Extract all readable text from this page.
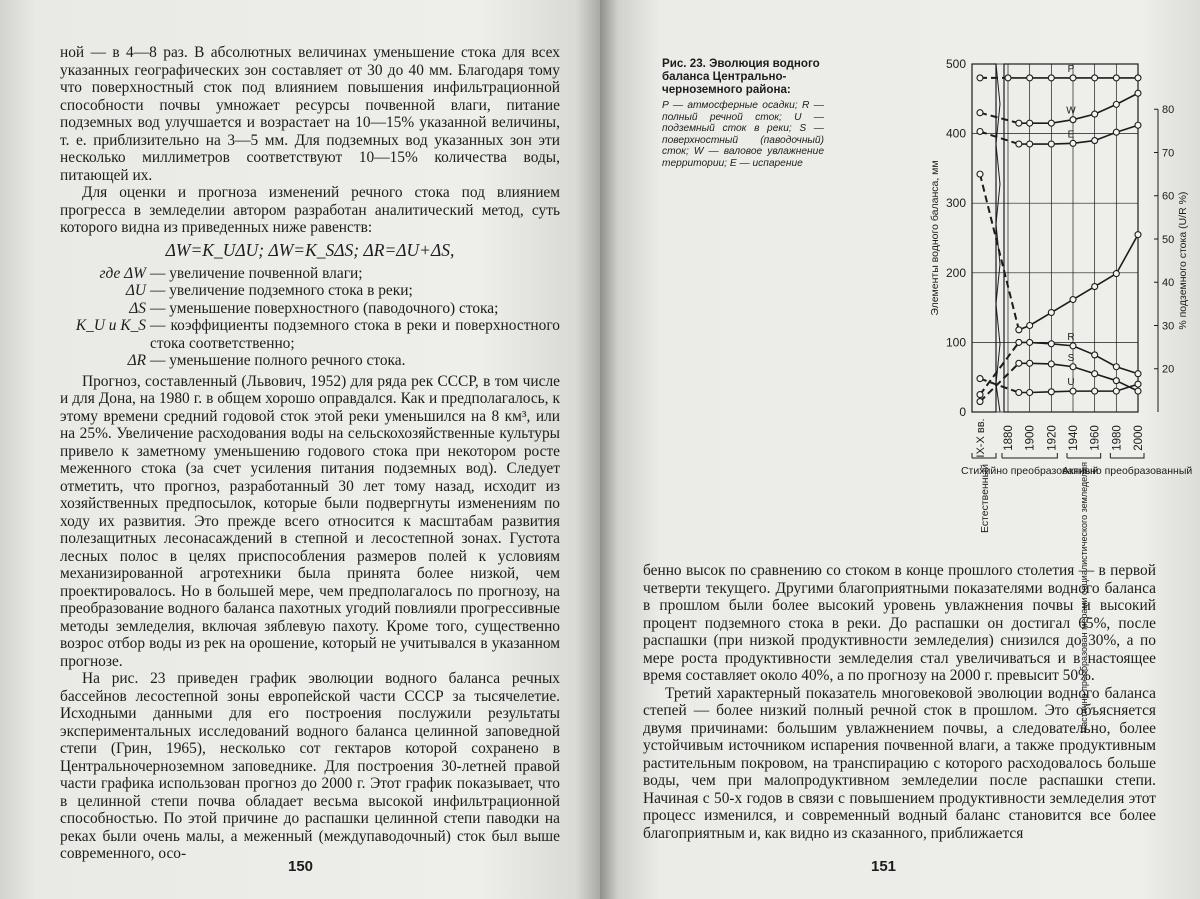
ной — в 4—8 раз. В абсолютных величинах уменьшение стока для всех указанных географических зон составляет от 30 до 40 мм. Благодаря тому что поверхностный сток под влиянием повышения инфильтрационной способности почвы умножает ресурсы почвенной влаги, питание подземных вод улучшается и возрастает на 10—15% указанной величины, т. е. приблизительно на 3—5 мм. Для подземных вод указанных зон эти несколько миллиметров соответствуют 10—15% количества воды, питающей их.

Для оценки и прогноза изменений речного стока под влиянием прогресса в земледелии автором разработан аналитический метод, суть которого видна из приведенных ниже равенств:

ΔW=K_UΔU; ΔW=K_SΔS; ΔR=ΔU+ΔS,

где ΔW — увеличение почвенной влаги;
ΔU — увеличение подземного стока в реки;
ΔS — уменьшение поверхностного (паводочного) стока;
K_U и K_S — коэффициенты подземного стока в реки и поверхностного стока соответственно;
ΔR — уменьшение полного речного стока.

Прогноз, составленный (Львович, 1952) для ряда рек СССР, в том числе и для Дона, на 1980 г. в общем хорошо оправдался. Как и предполагалось, к этому времени средний годовой сток этой реки уменьшился на 8 км³, или на 25%. Увеличение расходования воды на сельскохозяйственные культуры привело к заметному уменьшению годового стока при некотором росте меженного стока (за счет усиления питания подземных вод). Следует отметить, что прогноз, разработанный 30 лет тому назад, исходит из хозяйственных предпосылок, которые были подвергнуты изменениям по ходу их развития. Это прежде всего относится к масштабам развития полезащитных лесонасаждений в степной и лесостепной зонах. Густота лесных полос в целях приспособления размеров полей к условиям механизированной агротехники была принята более низкой, чем проектировалось. Но в большей мере, чем предполагалось по прогнозу, на преобразование водного баланса пахотных угодий повлияли прогрессивные методы земледелия, включая зяблевую пахоту. Кроме того, существенно возрос отбор воды из рек на орошение, который не учитывался в указанном прогнозе.

На рис. 23 приведен график эволюции водного баланса речных бассейнов лесостепной зоны европейской части СССР за тысячелетие. Исходными данными для его построения послужили результаты экспериментальных исследований водного баланса целинной заповедной степи (Грин, 1965), несколько сот гектаров которой сохранено в Центральночерноземном заповеднике. Для построения 30-летней правой части графика использован прогноз до 2000 г. Этот график показывает, что в целинной степи почва обладает весьма высокой инфильтрационной способностью. По этой причине до распашки целинной степи паводки на реках были очень малы, а меженный (междупаводочный) сток был выше современного, осо-

150
Рис. 23. Эволюция водного баланса Центрально-черноземного района:
P — атмосферные осадки; R — полный речной сток; U — подземный сток в реки; S — поверхностный (паводочный) сток; W — валовое увлажнение территории; E — испарение
0
100
200
300
400
500
20
30
40
50
60
70
80
Элементы водного баланса, мм	% подземного стока (U/R %)
IX-X вв. 1880 1900 1920 1940 1960 1980 2000
Естественный
Стихийно преобразованный
Частично преобразован мерами социалистического земледелия
Активно преобразованный
P
W
E
R
S
U

бенно высок по сравнению со стоком в конце прошлого столетия — в первой четверти текущего. Другими благоприятными показателями водного баланса в прошлом были более высокий уровень увлажнения почвы и высокий процент подземного стока в реки. До распашки он достигал 65%, после распашки (при низкой продуктивности земледелия) снизился до 30%, а по мере роста продуктивности земледелия стал увеличиваться и в настоящее время составляет около 40%, а по прогнозу на 2000 г. превысит 50%.

Третий характерный показатель многовековой эволюции водного баланса степей — более низкий полный речной сток в прошлом. Это объясняется двумя причинами: большим увлажнением почвы, а следовательно, более устойчивым источником испарения почвенной влаги, а также продуктивным растительным покровом, на транспирацию с которого расходовалось больше воды, чем при малопродуктивном земледелии после распашки степи. Начиная с 50-х годов в связи с повышением продуктивности земледелия этот процесс изменился, и современный водный баланс становится все более благоприятным и, как видно из сказанного, приближается

151
